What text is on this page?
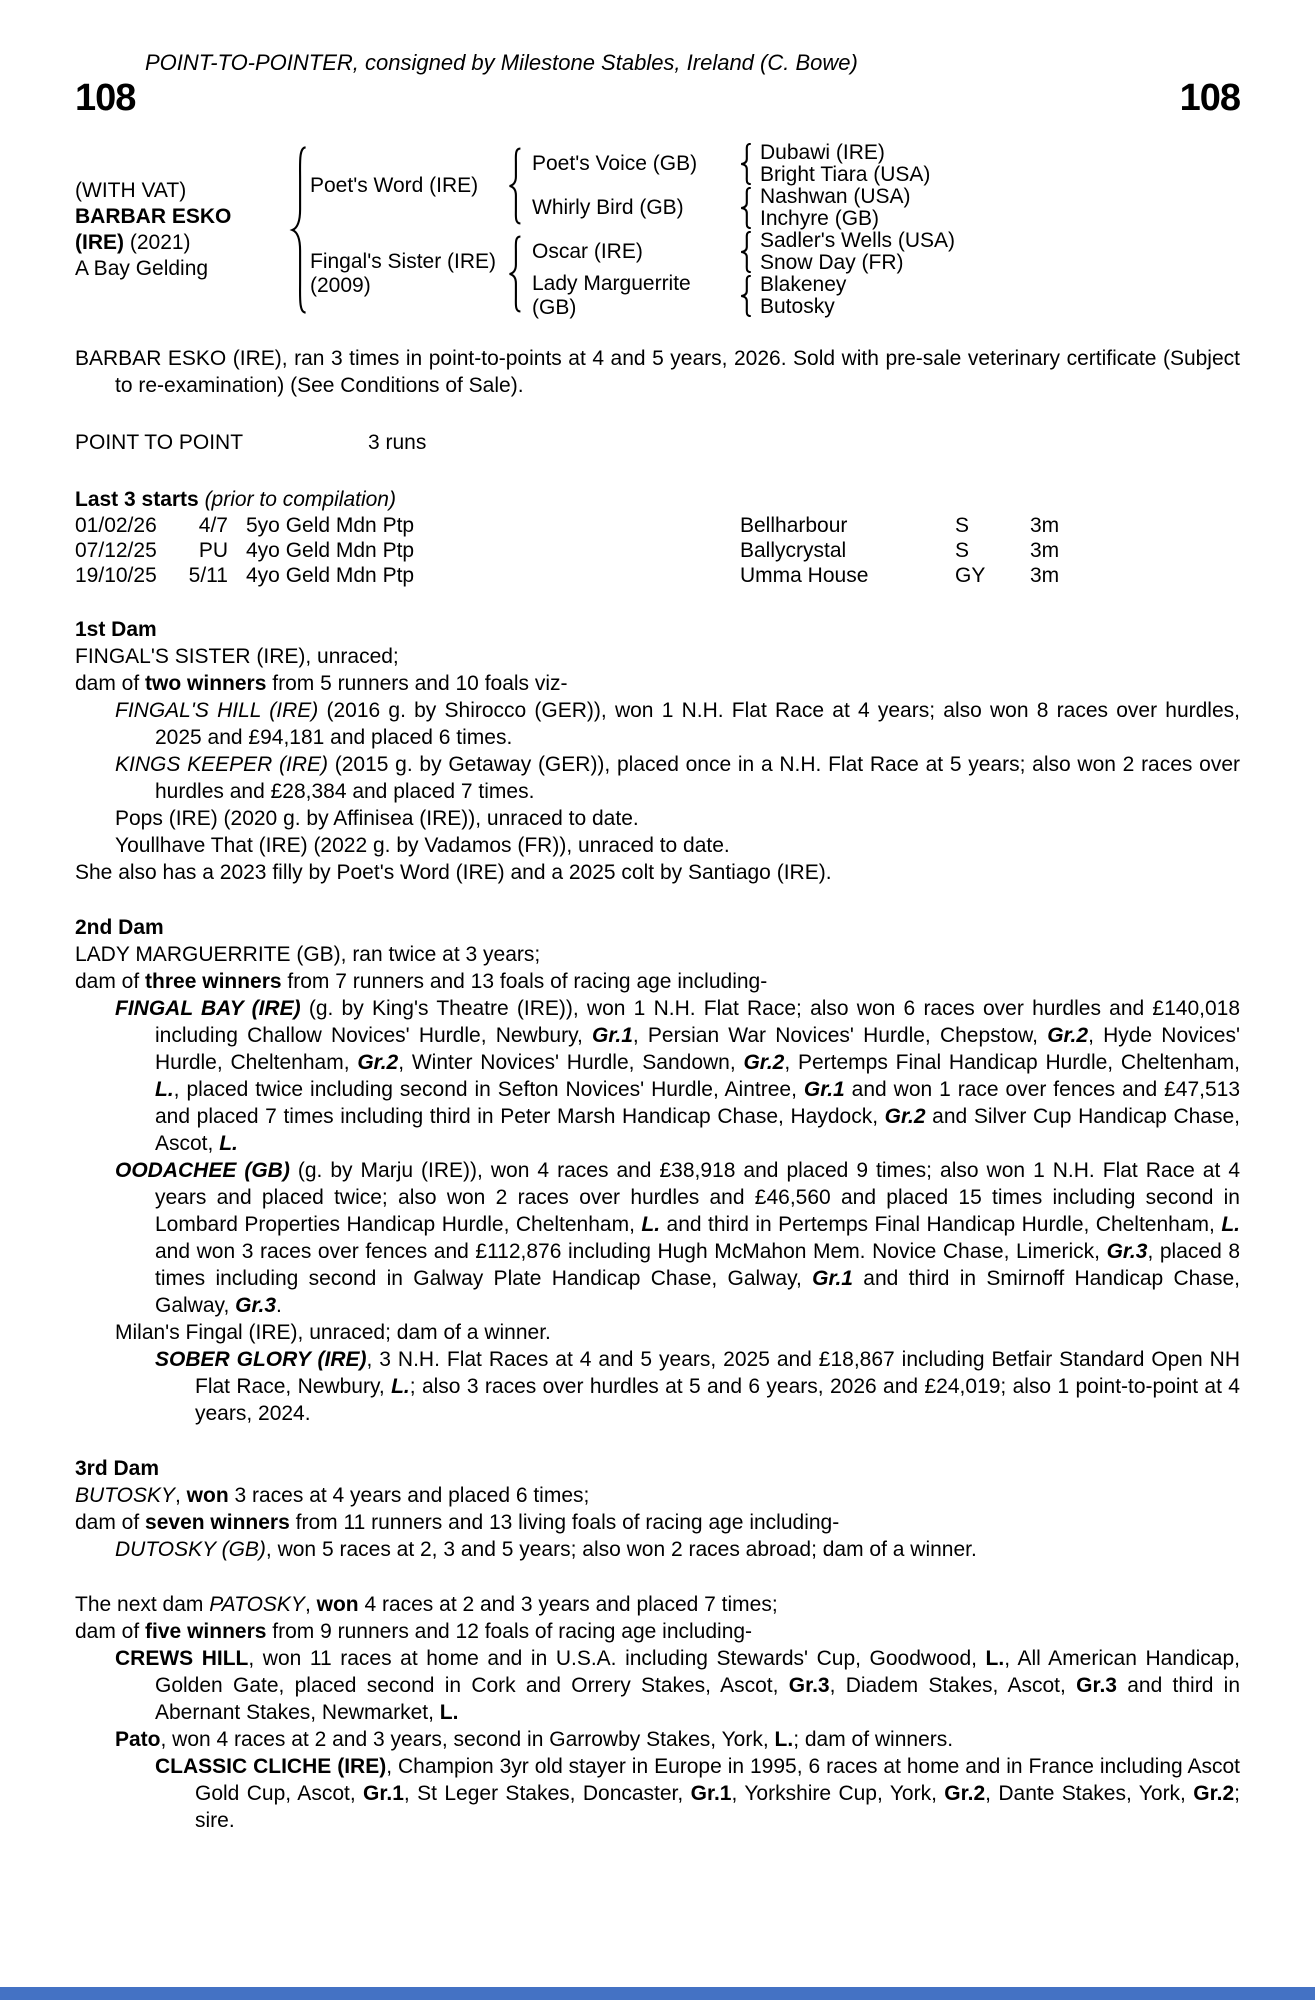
POINT-TO-POINTER, consigned by Milestone Stables, Ireland (C. Bowe)
108	108
(WITH VAT)
BARBAR ESKO
(IRE) (2021)
A Bay Gelding
Poet's Word (IRE)
Poet's Voice (GB)	Dubawi (IRE)
Bright Tiara (USA)
Whirly Bird (GB)	Nashwan (USA)
Inchyre (GB)
Fingal's Sister (IRE)
(2009)
Oscar (IRE)	Sadler's Wells (USA)
Snow Day (FR)
Lady Marguerrite (GB)
Blakeney
Butosky
BARBAR ESKO (IRE), ran 3 times in point-to-points at 4 and 5 years, 2026. Sold with pre-sale veterinary certificate (Subject to re-examination) (See Conditions of Sale).
POINT TO POINT	3 runs
Last 3 starts (prior to compilation)
01/02/26	4/7 5yo Geld Mdn Ptp	Bellharbour	S	3m
07/12/25	PU 4yo Geld Mdn Ptp	Ballycrystal	S	3m
19/10/25	5/11 4yo Geld Mdn Ptp	Umma House	GY	3m
1st Dam
FINGAL'S SISTER (IRE), unraced;
dam of two winners from 5 runners and 10 foals viz-
FINGAL'S HILL (IRE) (2016 g. by Shirocco (GER)), won 1 N.H. Flat Race at 4 years; also won 8 races over hurdles, 2025 and £94,181 and placed 6 times.
KINGS KEEPER (IRE) (2015 g. by Getaway (GER)), placed once in a N.H. Flat Race at 5 years; also won 2 races over hurdles and £28,384 and placed 7 times.
Pops (IRE) (2020 g. by Affinisea (IRE)), unraced to date.
Youllhave That (IRE) (2022 g. by Vadamos (FR)), unraced to date.
She also has a 2023 filly by Poet's Word (IRE) and a 2025 colt by Santiago (IRE).
2nd Dam
LADY MARGUERRITE (GB), ran twice at 3 years;
dam of three winners from 7 runners and 13 foals of racing age including-
FINGAL BAY (IRE) (g. by King's Theatre (IRE)), won 1 N.H. Flat Race; also won 6 races over hurdles and £140,018 including Challow Novices' Hurdle, Newbury, Gr.1, Persian War Novices' Hurdle, Chepstow, Gr.2, Hyde Novices' Hurdle, Cheltenham, Gr.2, Winter Novices' Hurdle, Sandown, Gr.2, Pertemps Final Handicap Hurdle, Cheltenham, L., placed twice including second in Sefton Novices' Hurdle, Aintree, Gr.1 and won 1 race over fences and £47,513 and placed 7 times including third in Peter Marsh Handicap Chase, Haydock, Gr.2 and Silver Cup Handicap Chase, Ascot, L.
OODACHEE (GB) (g. by Marju (IRE)), won 4 races and £38,918 and placed 9 times; also won 1 N.H. Flat Race at 4 years and placed twice; also won 2 races over hurdles and £46,560 and placed 15 times including second in Lombard Properties Handicap Hurdle, Cheltenham, L. and third in Pertemps Final Handicap Hurdle, Cheltenham, L. and won 3 races over fences and £112,876 including Hugh McMahon Mem. Novice Chase, Limerick, Gr.3, placed 8 times including second in Galway Plate Handicap Chase, Galway, Gr.1 and third in Smirnoff Handicap Chase, Galway, Gr.3.
Milan's Fingal (IRE), unraced; dam of a winner.
SOBER GLORY (IRE), 3 N.H. Flat Races at 4 and 5 years, 2025 and £18,867 including Betfair Standard Open NH Flat Race, Newbury, L.; also 3 races over hurdles at 5 and 6 years, 2026 and £24,019; also 1 point-to-point at 4 years, 2024.
3rd Dam
BUTOSKY, won 3 races at 4 years and placed 6 times;
dam of seven winners from 11 runners and 13 living foals of racing age including-
DUTOSKY (GB), won 5 races at 2, 3 and 5 years; also won 2 races abroad; dam of a winner.
The next dam PATOSKY, won 4 races at 2 and 3 years and placed 7 times;
dam of five winners from 9 runners and 12 foals of racing age including-
CREWS HILL, won 11 races at home and in U.S.A. including Stewards' Cup, Goodwood, L., All American Handicap, Golden Gate, placed second in Cork and Orrery Stakes, Ascot, Gr.3, Diadem Stakes, Ascot, Gr.3 and third in Abernant Stakes, Newmarket, L.
Pato, won 4 races at 2 and 3 years, second in Garrowby Stakes, York, L.; dam of winners.
CLASSIC CLICHE (IRE), Champion 3yr old stayer in Europe in 1995, 6 races at home and in France including Ascot Gold Cup, Ascot, Gr.1, St Leger Stakes, Doncaster, Gr.1, Yorkshire Cup, York, Gr.2, Dante Stakes, York, Gr.2; sire.
